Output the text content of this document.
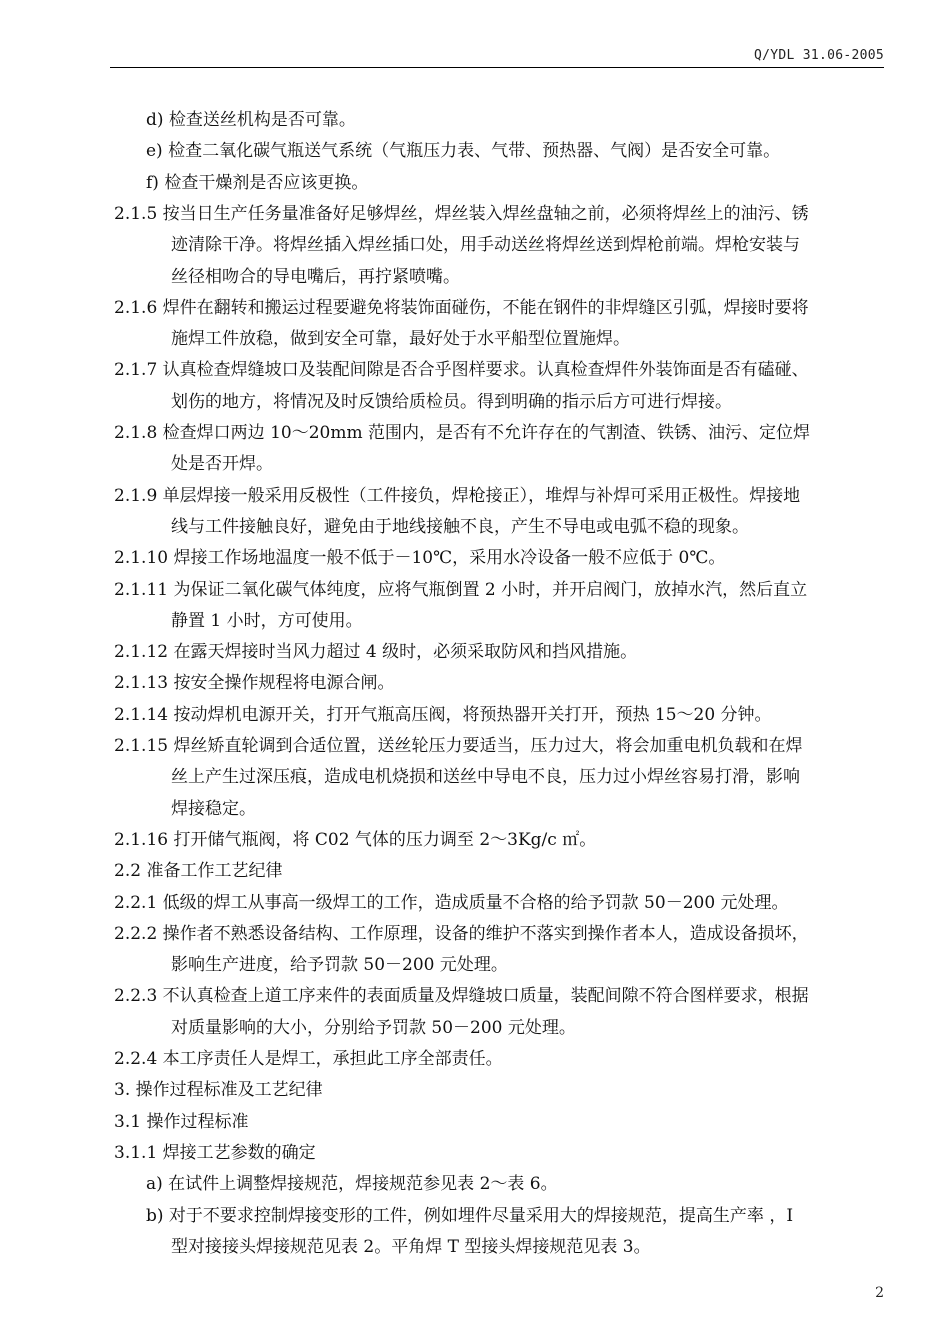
Q/YDL 31.06-2005
d) 检查送丝机构是否可靠。
e) 检查二氧化碳气瓶送气系统（气瓶压力表、气带、预热器、气阀）是否安全可靠。
f) 检查干燥剂是否应该更换。
2.1.5 按当日生产任务量准备好足够焊丝，焊丝装入焊丝盘轴之前，必须将焊丝上的油污、锈
迹清除干净。将焊丝插入焊丝插口处，用手动送丝将焊丝送到焊枪前端。焊枪安装与
丝径相吻合的导电嘴后，再拧紧喷嘴。
2.1.6 焊件在翻转和搬运过程要避免将装饰面碰伤，不能在钢件的非焊缝区引弧，焊接时要将
施焊工件放稳，做到安全可靠，最好处于水平船型位置施焊。
2.1.7 认真检查焊缝坡口及装配间隙是否合乎图样要求。认真检查焊件外装饰面是否有磕碰、
划伤的地方，将情况及时反馈给质检员。得到明确的指示后方可进行焊接。
2.1.8 检查焊口两边 10～20mm 范围内，是否有不允许存在的气割渣、铁锈、油污、定位焊
处是否开焊。
2.1.9 单层焊接一般采用反极性（工件接负，焊枪接正），堆焊与补焊可采用正极性。焊接地
线与工件接触良好，避免由于地线接触不良，产生不导电或电弧不稳的现象。
2.1.10 焊接工作场地温度一般不低于－10℃，采用水冷设备一般不应低于 0℃。
2.1.11 为保证二氧化碳气体纯度，应将气瓶倒置 2 小时，并开启阀门，放掉水汽，然后直立
静置 1 小时，方可使用。
2.1.12 在露天焊接时当风力超过 4 级时，必须采取防风和挡风措施。
2.1.13 按安全操作规程将电源合闸。
2.1.14 按动焊机电源开关，打开气瓶高压阀，将预热器开关打开，预热 15～20 分钟。
2.1.15 焊丝矫直轮调到合适位置，送丝轮压力要适当，压力过大，将会加重电机负载和在焊
丝上产生过深压痕，造成电机烧损和送丝中导电不良，压力过小焊丝容易打滑，影响
焊接稳定。
2.1.16 打开储气瓶阀，将 C02 气体的压力调至 2～3Kg/c ㎡。
2.2 准备工作工艺纪律
2.2.1 低级的焊工从事高一级焊工的工作，造成质量不合格的给予罚款 50－200 元处理。
2.2.2 操作者不熟悉设备结构、工作原理，设备的维护不落实到操作者本人，造成设备损坏，
影响生产进度，给予罚款 50－200 元处理。
2.2.3 不认真检查上道工序来件的表面质量及焊缝坡口质量，装配间隙不符合图样要求，根据
对质量影响的大小，分别给予罚款 50－200 元处理。
2.2.4 本工序责任人是焊工，承担此工序全部责任。
3. 操作过程标准及工艺纪律
3.1 操作过程标准
3.1.1 焊接工艺参数的确定
a) 在试件上调整焊接规范，焊接规范参见表 2～表 6。
b) 对于不要求控制焊接变形的工件，例如埋件尽量采用大的焊接规范，提高生产率 ，I
型对接接头焊接规范见表 2。平角焊 T 型接头焊接规范见表 3。
2
